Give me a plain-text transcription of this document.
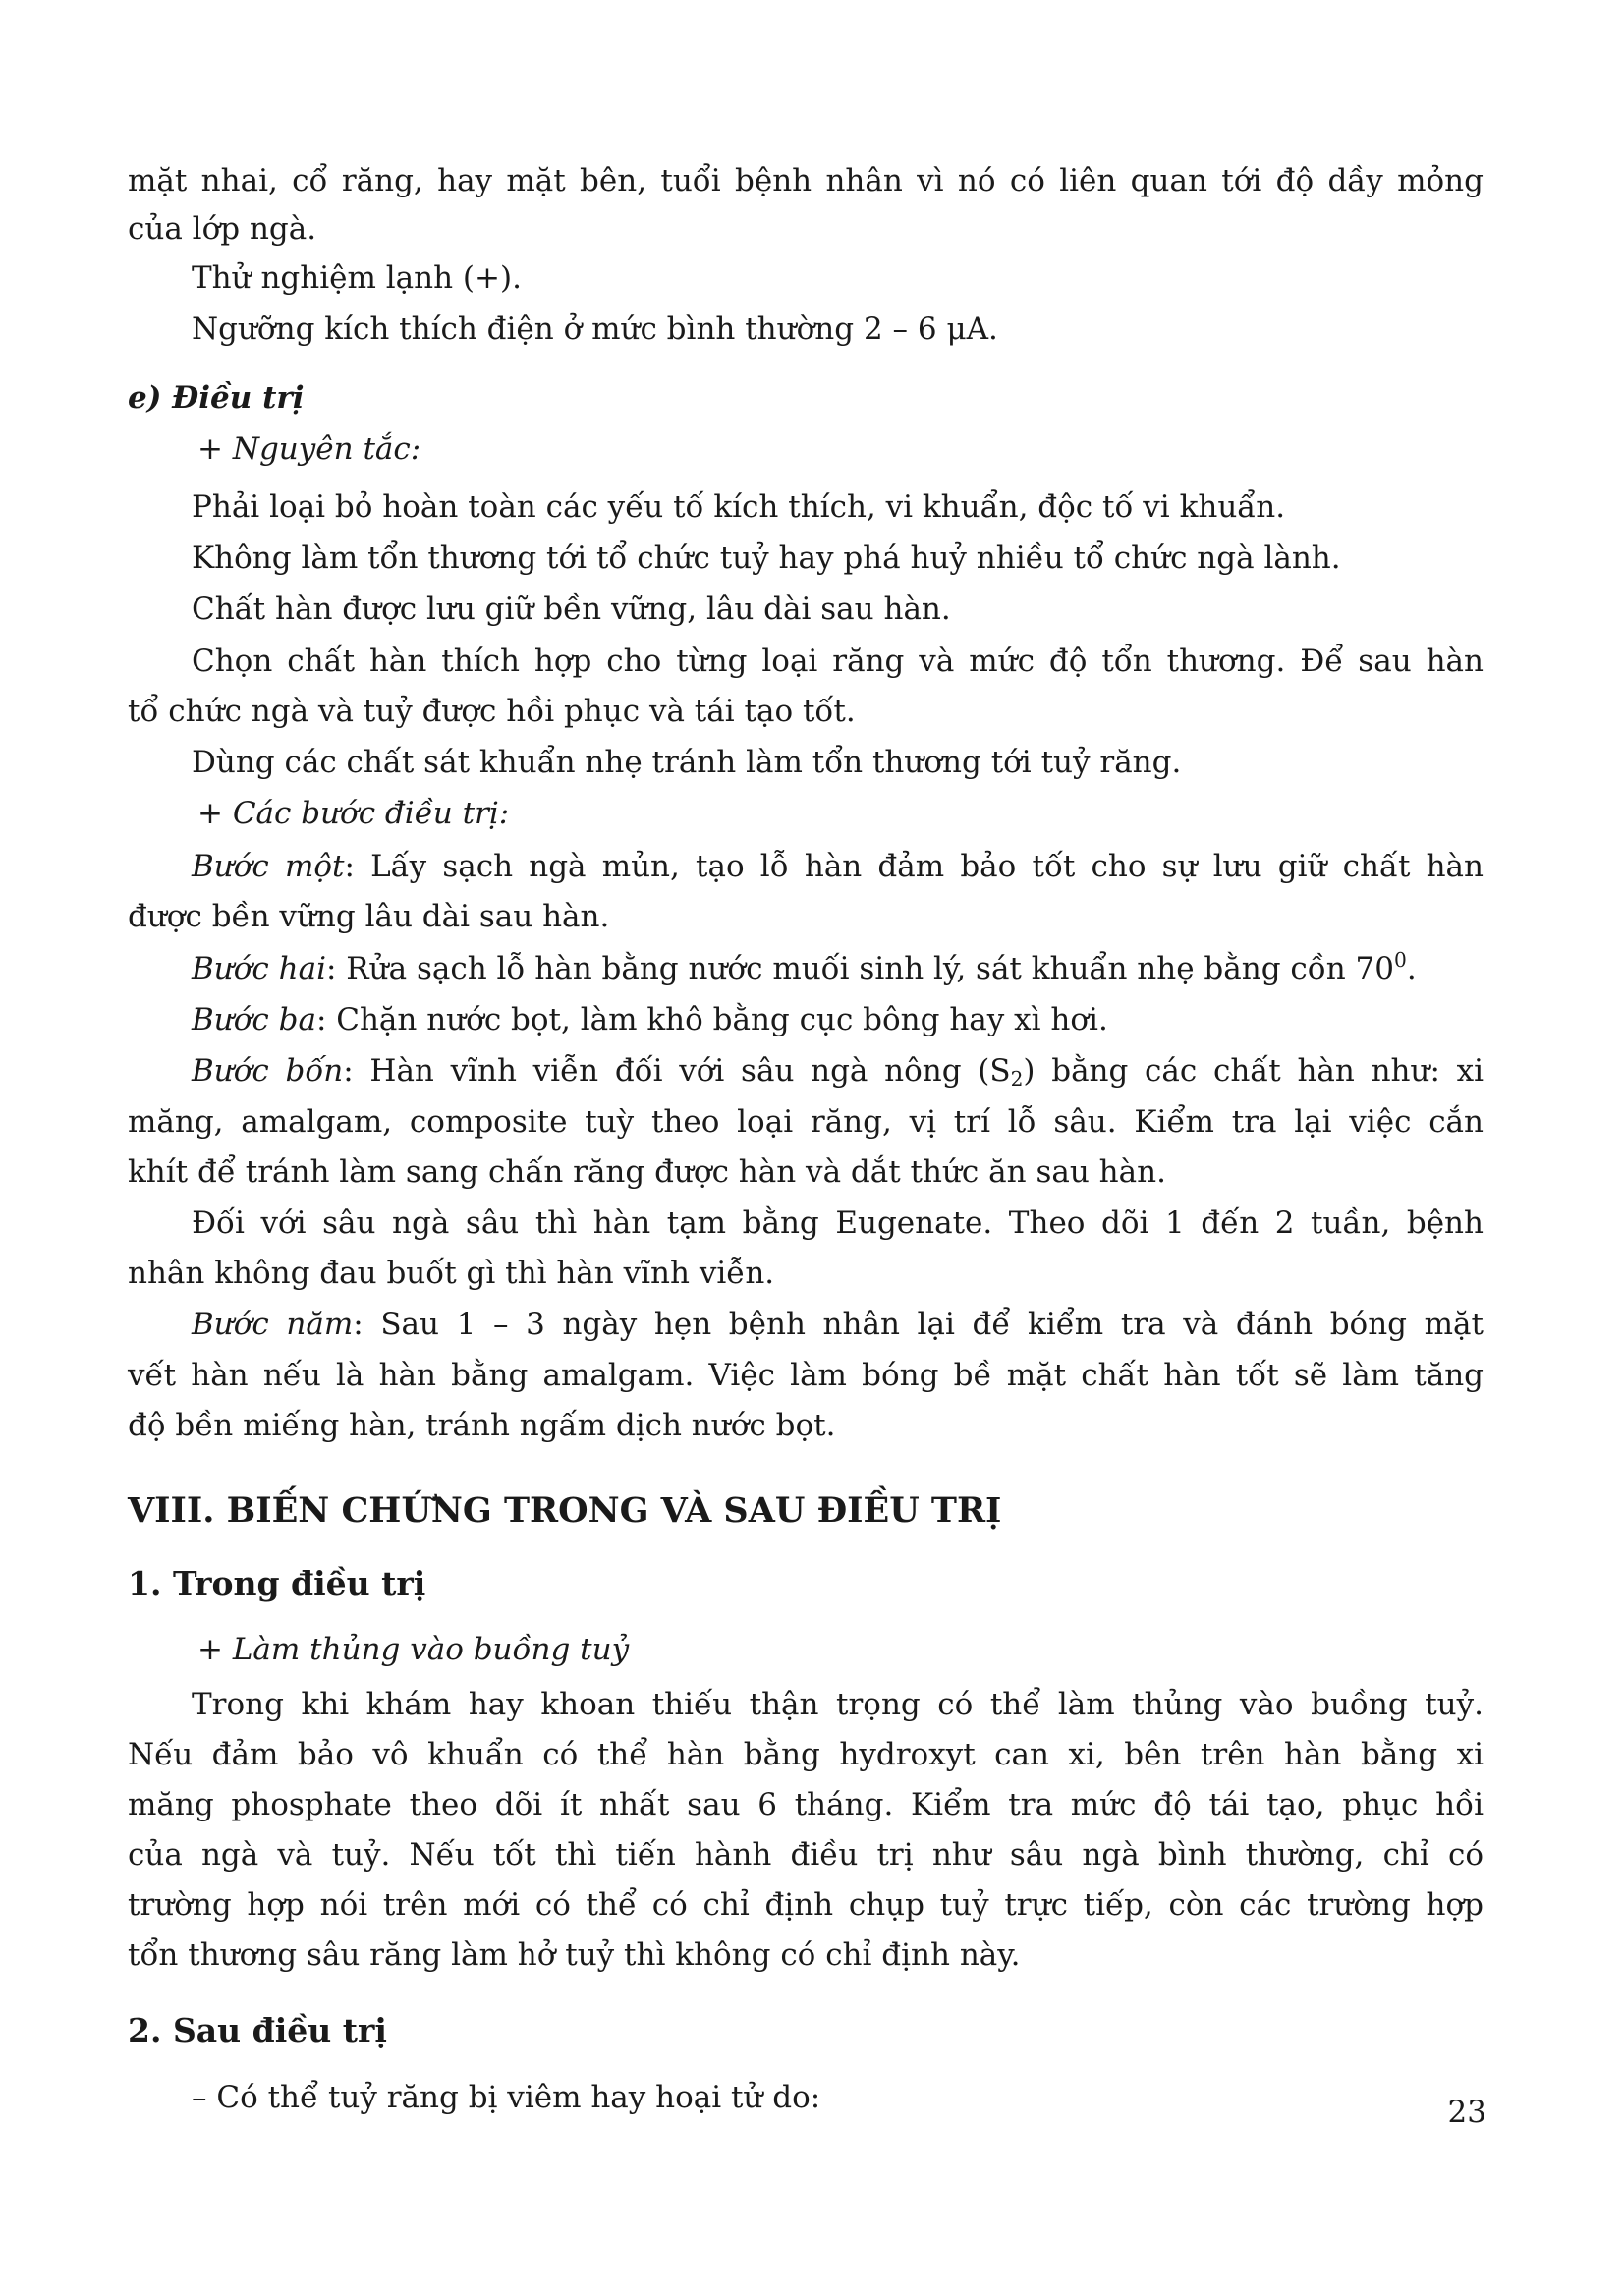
mặt nhai, cổ răng, hay mặt bên, tuổi bệnh nhân vì nó có liên quan tới độ dầy mỏng

của lớp ngà.

Thử nghiệm lạnh (+).

Ngưỡng kích thích điện ở mức bình thường 2 – 6 μA.

e) Điều trị

+ Nguyên tắc:

Phải loại bỏ hoàn toàn các yếu tố kích thích, vi khuẩn, độc tố vi khuẩn.

Không làm tổn thương tới tổ chức tuỷ hay phá huỷ nhiều tổ chức ngà lành.

Chất hàn được lưu giữ bền vững, lâu dài sau hàn.

Chọn chất hàn thích hợp cho từng loại răng và mức độ tổn thương. Để sau hàn

tổ chức ngà và tuỷ được hồi phục và tái tạo tốt.

Dùng các chất sát khuẩn nhẹ tránh làm tổn thương tới tuỷ răng.

+ Các bước điều trị:

Bước một: Lấy sạch ngà mủn, tạo lỗ hàn đảm bảo tốt cho sự lưu giữ chất hàn

được bền vững lâu dài sau hàn.

Bước hai: Rửa sạch lỗ hàn bằng nước muối sinh lý, sát khuẩn nhẹ bằng cồn $70^0$.

Bước ba: Chặn nước bọt, làm khô bằng cục bông hay xì hơi.

Bước bốn: Hàn vĩnh viễn đối với sâu ngà nông $(S_2)$ bằng các chất hàn như: xi

măng, amalgam, composite tuỳ theo loại răng, vị trí lỗ sâu. Kiểm tra lại việc cắn

khít để tránh làm sang chấn răng được hàn và dắt thức ăn sau hàn.

Đối với sâu ngà sâu thì hàn tạm bằng Eugenate. Theo dõi 1 đến 2 tuần, bệnh

nhân không đau buốt gì thì hàn vĩnh viễn.

Bước năm: Sau 1 – 3 ngày hẹn bệnh nhân lại để kiểm tra và đánh bóng mặt

vết hàn nếu là hàn bằng amalgam. Việc làm bóng bề mặt chất hàn tốt sẽ làm tăng

độ bền miếng hàn, tránh ngấm dịch nước bọt.

VIII. BIẾN CHỨNG TRONG VÀ SAU ĐIỀU TRỊ

1. Trong điều trị

+ Làm thủng vào buồng tuỷ

Trong khi khám hay khoan thiếu thận trọng có thể làm thủng vào buồng tuỷ.

Nếu đảm bảo vô khuẩn có thể hàn bằng hydroxyt can xi, bên trên hàn bằng xi

măng phosphate theo dõi ít nhất sau 6 tháng. Kiểm tra mức độ tái tạo, phục hồi

của ngà và tuỷ. Nếu tốt thì tiến hành điều trị như sâu ngà bình thường, chỉ có

trường hợp nói trên mới có thể có chỉ định chụp tuỷ trực tiếp, còn các trường hợp

tổn thương sâu răng làm hở tuỷ thì không có chỉ định này.

2. Sau điều trị

– Có thể tuỷ răng bị viêm hay hoại tử do:	23
